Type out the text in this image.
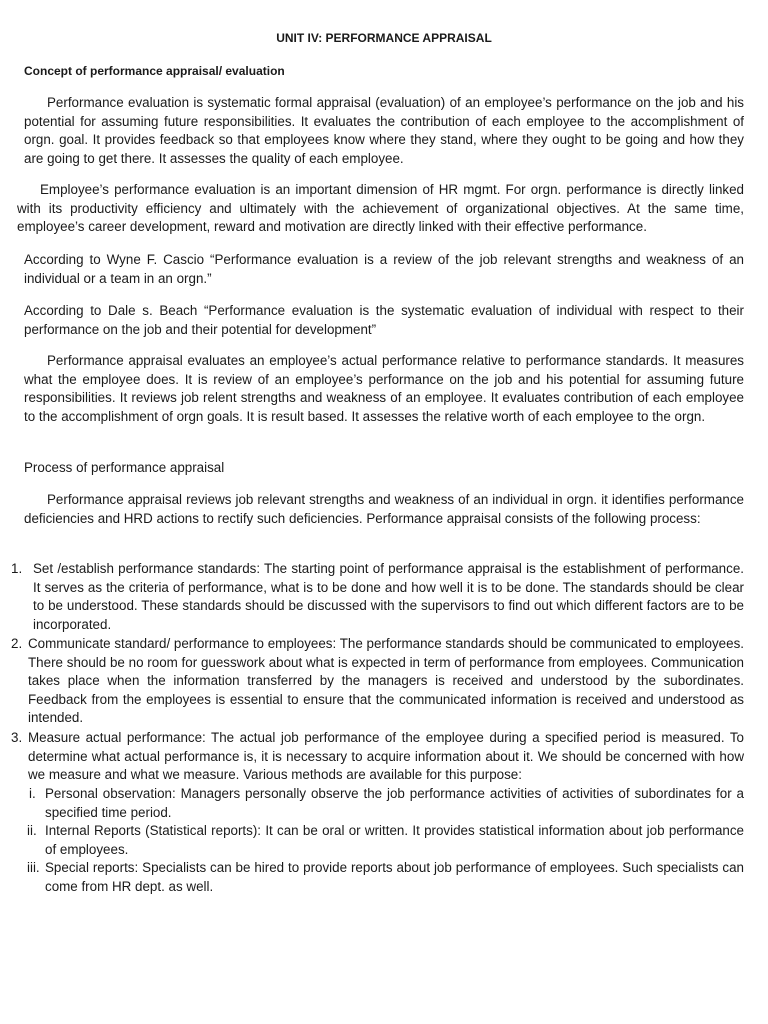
UNIT IV: PERFORMANCE APPRAISAL
Concept of performance appraisal/ evaluation

Performance evaluation is systematic formal appraisal (evaluation) of an employee’s performance on the job and his potential for assuming future responsibilities. It evaluates the contribution of each employee to the accomplishment of orgn. goal. It provides feedback so that employees know where they stand, where they ought to be going and how they are going to get there. It assesses the quality of each employee.

Employee’s performance evaluation is an important dimension of HR mgmt. For orgn. performance is directly linked with its productivity efficiency and ultimately with the achievement of organizational objectives. At the same time, employee’s career development, reward and motivation are directly linked with their effective performance.

According to Wyne F. Cascio “Performance evaluation is a review of the job relevant strengths and weakness of an individual or a team in an orgn.”

According to Dale s. Beach “Performance evaluation is the systematic evaluation of individual with respect to their performance on the job and their potential for development”

Performance appraisal evaluates an employee’s actual performance relative to performance standards. It measures what the employee does. It is review of an employee’s performance on the job and his potential for assuming future responsibilities. It reviews job relent strengths and weakness of an employee. It evaluates contribution of each employee to the accomplishment of orgn goals. It is result based. It assesses the relative worth of each employee to the orgn.

Process of performance appraisal

Performance appraisal reviews job relevant strengths and weakness of an individual in orgn. it identifies performance deficiencies and HRD actions to rectify such deficiencies. Performance appraisal consists of the following process:

1. Set /establish performance standards: The starting point of performance appraisal is the establishment of performance. It serves as the criteria of performance, what is to be done and how well it is to be done. The standards should be clear to be understood. These standards should be discussed with the supervisors to find out which different factors are to be incorporated.

2. Communicate standard/ performance to employees: The performance standards should be communicated to employees. There should be no room for guesswork about what is expected in term of performance from employees. Communication takes place when the information transferred by the managers is received and understood by the subordinates. Feedback from the employees is essential to ensure that the communicated information is received and understood as intended.

3. Measure actual performance: The actual job performance of the employee during a specified period is measured. To determine what actual performance is, it is necessary to acquire information about it. We should be concerned with how we measure and what we measure. Various methods are available for this purpose:

i. Personal observation: Managers personally observe the job performance activities of activities of subordinates for a specified time period.

ii. Internal Reports (Statistical reports): It can be oral or written. It provides statistical information about job performance of employees.

iii. Special reports: Specialists can be hired to provide reports about job performance of employees. Such specialists can come from HR dept. as well.
